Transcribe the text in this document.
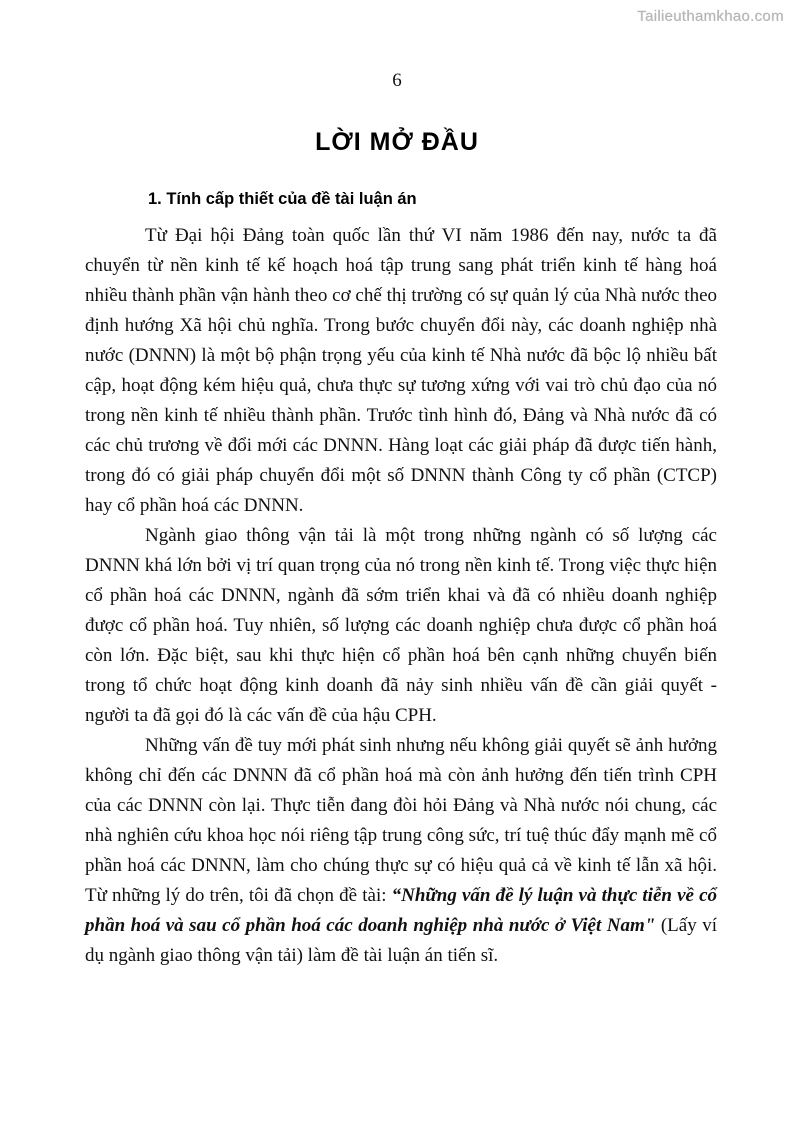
Tailieuthamkhao.com
6
LỜI MỞ ĐẦU
1. Tính cấp thiết của đề tài luận án

Từ Đại hội Đảng toàn quốc lần thứ VI năm 1986 đến nay, nước ta đã chuyển từ nền kinh tế kế hoạch hoá tập trung sang phát triển kinh tế hàng hoá nhiều thành phần vận hành theo cơ chế thị trường có sự quản lý của Nhà nước theo định hướng Xã hội chủ nghĩa. Trong bước chuyển đổi này, các doanh nghiệp nhà nước (DNNN) là một bộ phận trọng yếu của kinh tế Nhà nước đã bộc lộ nhiều bất cập, hoạt động kém hiệu quả, chưa thực sự tương xứng với vai trò chủ đạo của nó trong nền kinh tế nhiều thành phần. Trước tình hình đó, Đảng và Nhà nước đã có các chủ trương về đổi mới các DNNN. Hàng loạt các giải pháp đã được tiến hành, trong đó có giải pháp chuyển đổi một số DNNN thành Công ty cổ phần (CTCP) hay cổ phần hoá các DNNN.

Ngành giao thông vận tải là một trong những ngành có số lượng các DNNN khá lớn bởi vị trí quan trọng của nó trong nền kinh tế. Trong việc thực hiện cổ phần hoá các DNNN, ngành đã sớm triển khai và đã có nhiều doanh nghiệp được cổ phần hoá. Tuy nhiên, số lượng các doanh nghiệp chưa được cổ phần hoá còn lớn. Đặc biệt, sau khi thực hiện cổ phần hoá bên cạnh những chuyển biến trong tổ chức hoạt động kinh doanh đã nảy sinh nhiều vấn đề cần giải quyết - người ta đã gọi đó là các vấn đề của hậu CPH.

Những vấn đề tuy mới phát sinh nhưng nếu không giải quyết sẽ ảnh hưởng không chỉ đến các DNNN đã cổ phần hoá mà còn ảnh hưởng đến tiến trình CPH của các DNNN còn lại. Thực tiễn đang đòi hỏi Đảng và Nhà nước nói chung, các nhà nghiên cứu khoa học nói riêng tập trung công sức, trí tuệ thúc đẩy mạnh mẽ cổ phần hoá các DNNN, làm cho chúng thực sự có hiệu quả cả về kinh tế lẫn xã hội. Từ những lý do trên, tôi đã chọn đề tài: “Những vấn đề lý luận và thực tiễn về cổ phần hoá và sau cổ phần hoá các doanh nghiệp nhà nước ở Việt Nam" (Lấy ví dụ ngành giao thông vận tải) làm đề tài luận án tiến sĩ.
